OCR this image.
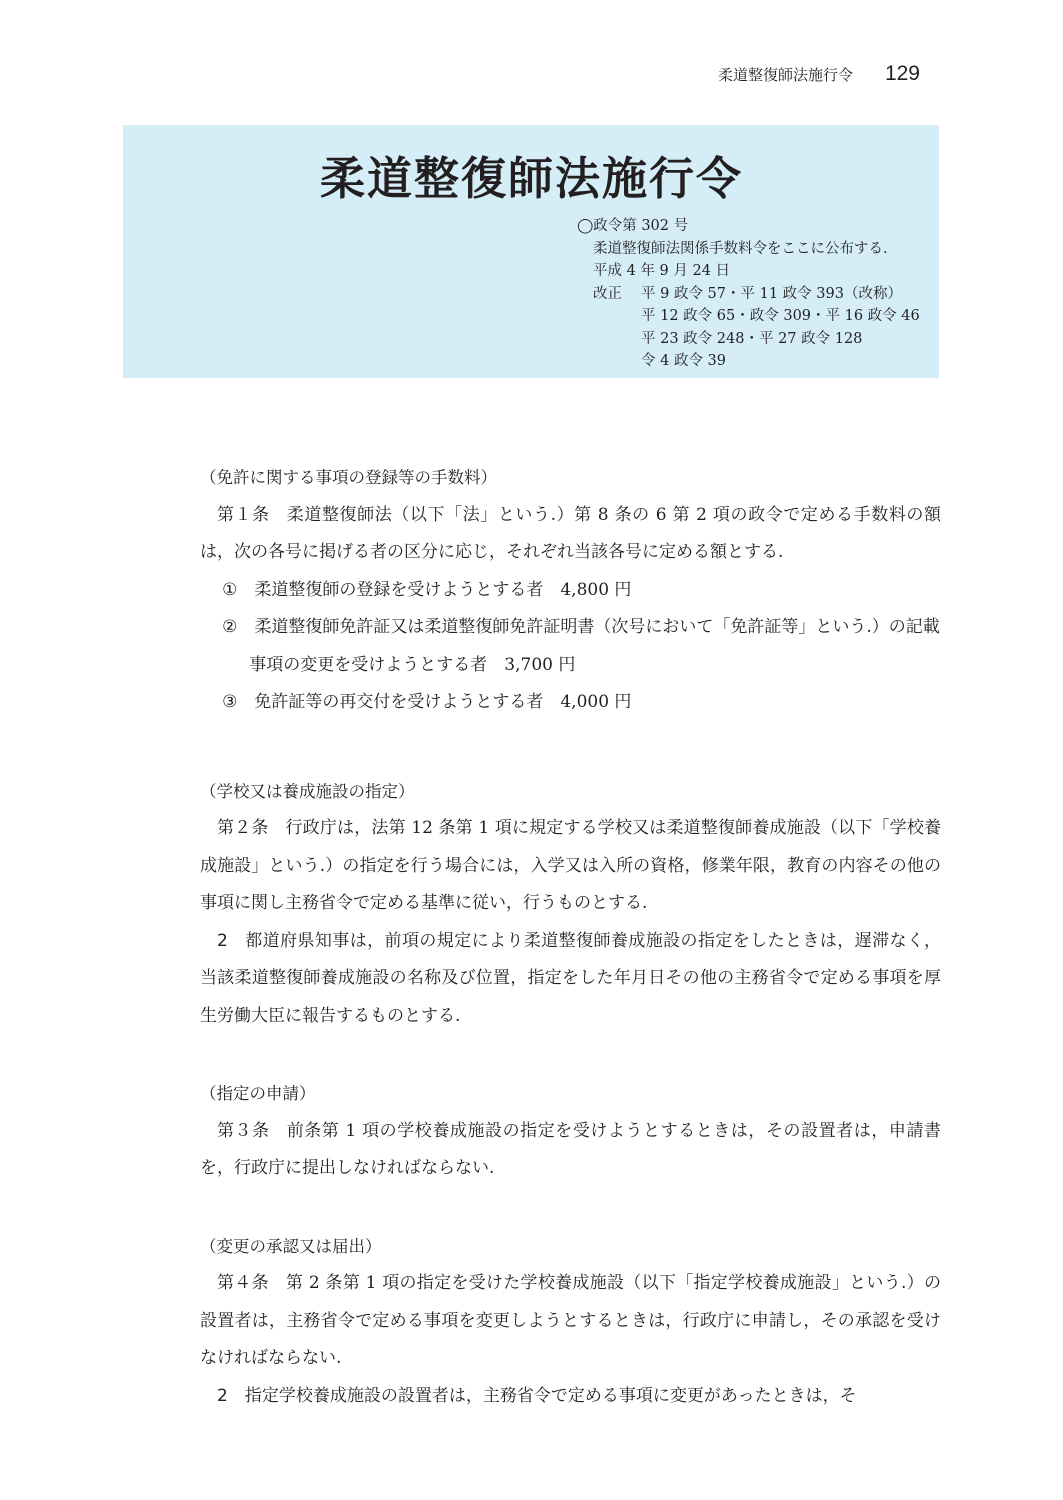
柔道整復師法施行令 129
柔道整復師法施行令
◯政令第 302 号
柔道整復師法関係手数料令をここに公布する.
平成 4 年 9 月 24 日
改正	平 9 政令 57・平 11 政令 393（改称）
平 12 政令 65・政令 309・平 16 政令 46
平 23 政令 248・平 27 政令 128
令 4 政令 39
（免許に関する事項の登録等の手数料）

第１条 柔道整復師法（以下「法」という.）第 8 条の 6 第 2 項の政令で定める手数料の額は，次の各号に掲げる者の区分に応じ，それぞれ当該各号に定める額とする.

① 柔道整復師の登録を受けようとする者　4,800 円

② 柔道整復師免許証又は柔道整復師免許証明書（次号において「免許証等」という.）の記載事項の変更を受けようとする者　3,700 円

③ 免許証等の再交付を受けようとする者　4,000 円

（学校又は養成施設の指定）

第２条 行政庁は，法第 12 条第 1 項に規定する学校又は柔道整復師養成施設（以下「学校養成施設」という.）の指定を行う場合には，入学又は入所の資格，修業年限，教育の内容その他の事項に関し主務省令で定める基準に従い，行うものとする.

2 都道府県知事は，前項の規定により柔道整復師養成施設の指定をしたときは，遅滞なく，当該柔道整復師養成施設の名称及び位置，指定をした年月日その他の主務省令で定める事項を厚生労働大臣に報告するものとする.

（指定の申請）

第３条 前条第 1 項の学校養成施設の指定を受けようとするときは，その設置者は，申請書を，行政庁に提出しなければならない.

（変更の承認又は届出）

第４条 第 2 条第 1 項の指定を受けた学校養成施設（以下「指定学校養成施設」という.）の設置者は，主務省令で定める事項を変更しようとするときは，行政庁に申請し，その承認を受けなければならない.

2 指定学校養成施設の設置者は，主務省令で定める事項に変更があったときは，そ
